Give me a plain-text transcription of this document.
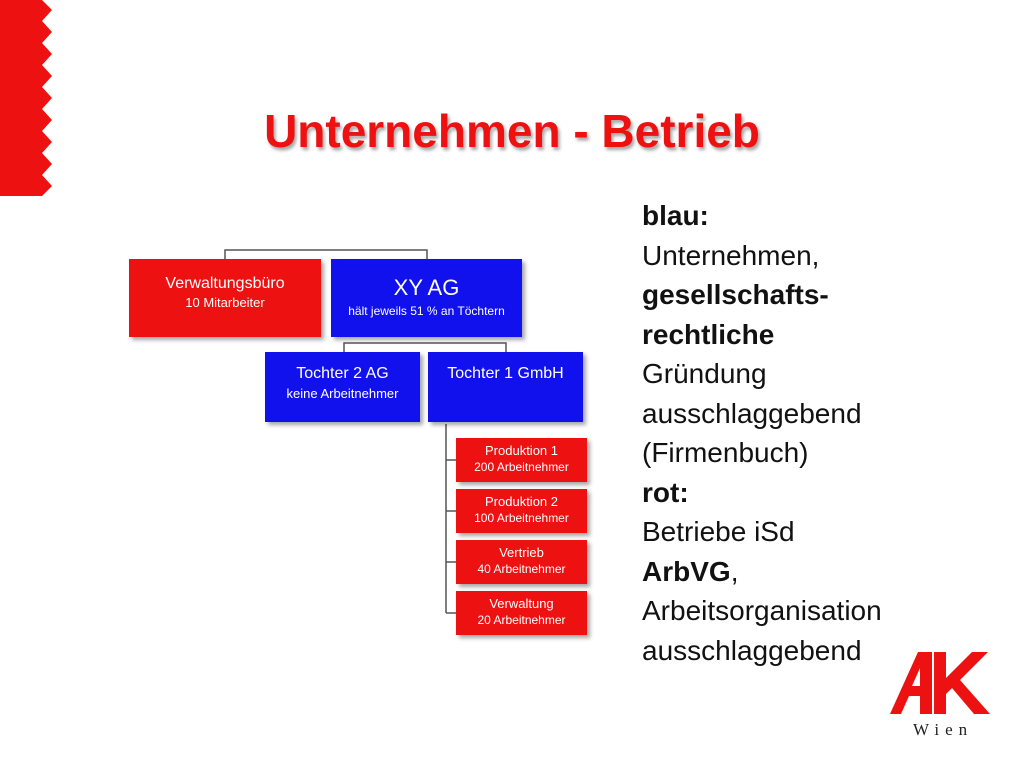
Unternehmen - Betrieb
Verwaltungsbüro
10 Mitarbeiter
XY AG
hält jeweils 51 % an Töchtern
Tochter 2 AG
keine Arbeitnehmer
Tochter 1 GmbH
Produktion 1
200 Arbeitnehmer
Produktion 2
100 Arbeitnehmer
Vertrieb
40 Arbeitnehmer
Verwaltung
20 Arbeitnehmer
blau:
Unternehmen,
gesellschafts-
rechtliche
Gründung
ausschlaggebend
(Firmenbuch)
rot:
Betriebe iSd
ArbVG,
Arbeitsorganisation
ausschlaggebend
Wien
